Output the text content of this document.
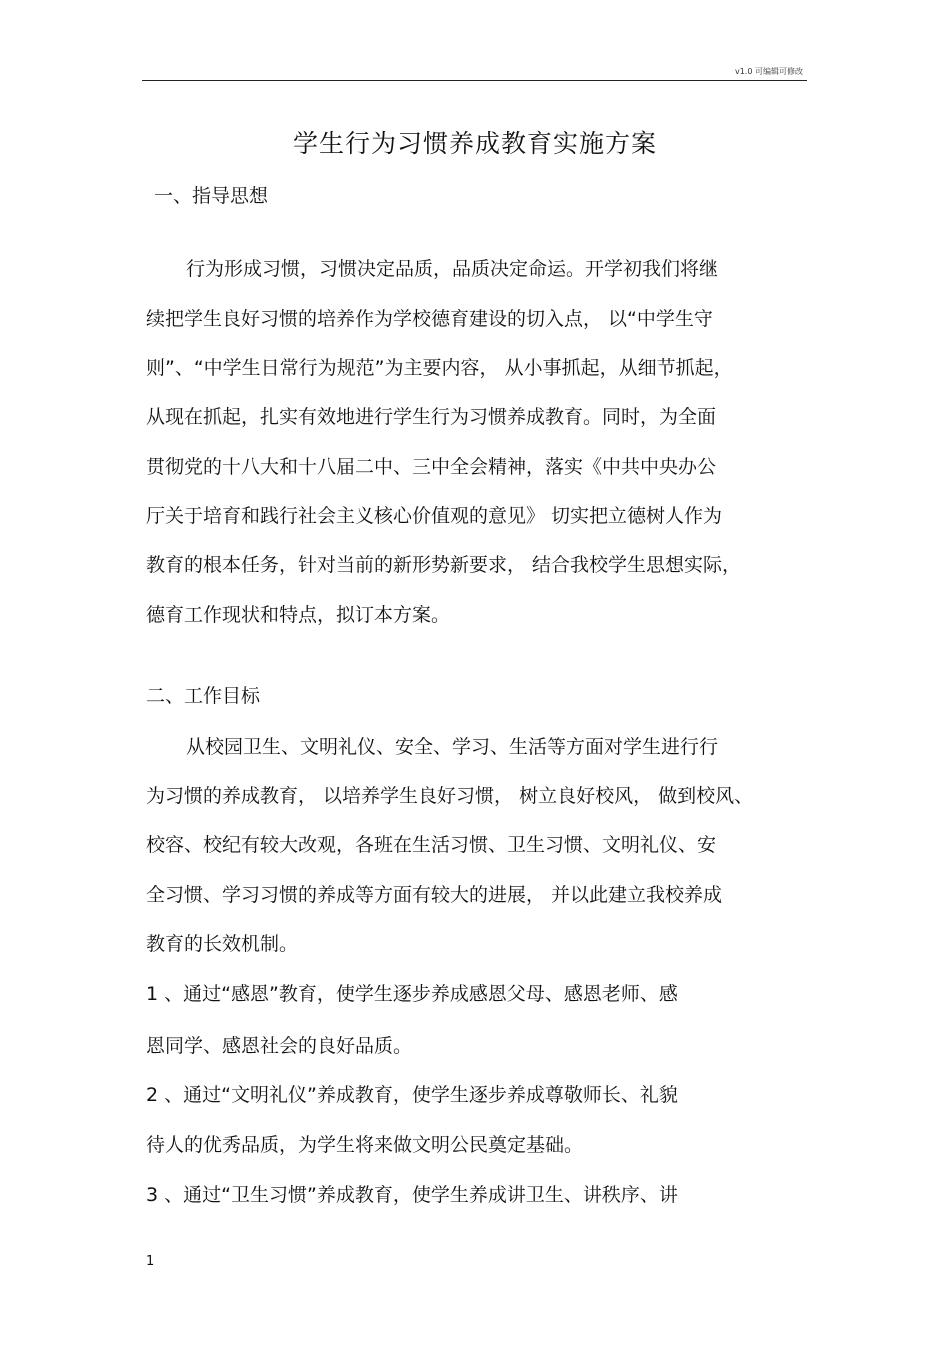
v1.0 可编辑可修改
学生行为习惯养成教育实施方案
一、指导思想
行为形成习惯，习惯决定品质，品质决定命运。开学初我们将继
续把学生良好习惯的培养作为学校德育建设的切入点， 以“中学生守
则”、“中学生日常行为规范”为主要内容， 从小事抓起，从细节抓起，
从现在抓起，扎实有效地进行学生行为习惯养成教育。同时，为全面
贯彻党的十八大和十八届二中、三中全会精神，落实《中共中央办公
厅关于培育和践行社会主义核心价值观的意见》 切实把立德树人作为
教育的根本任务，针对当前的新形势新要求， 结合我校学生思想实际，
德育工作现状和特点，拟订本方案。
二、工作目标
从校园卫生、文明礼仪、安全、学习、生活等方面对学生进行行
为习惯的养成教育， 以培养学生良好习惯， 树立良好校风， 做到校风、
校容、校纪有较大改观，各班在生活习惯、卫生习惯、文明礼仪、安
全习惯、学习习惯的养成等方面有较大的进展， 并以此建立我校养成
教育的长效机制。
1 、通过“感恩”教育，使学生逐步养成感恩父母、感恩老师、感
恩同学、感恩社会的良好品质。
2 、通过“文明礼仪”养成教育，使学生逐步养成尊敬师长、礼貌
待人的优秀品质，为学生将来做文明公民奠定基础。
3 、通过“卫生习惯”养成教育，使学生养成讲卫生、讲秩序、讲
1
